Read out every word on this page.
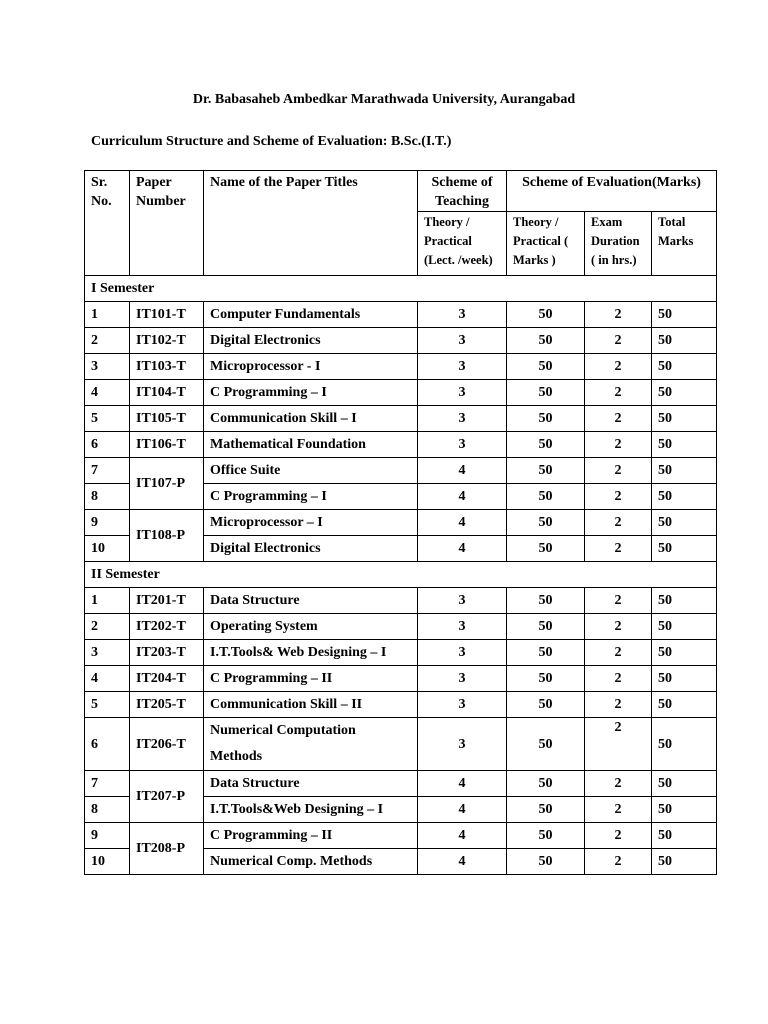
Dr. Babasaheb Ambedkar Marathwada University, Aurangabad
Curriculum Structure and Scheme of Evaluation: B.Sc.(I.T.)
Sr. No.	Paper Number	Name of the Paper Titles	Scheme of Teaching	Scheme of Evaluation(Marks)		
			Theory / Practical (Lect. /week)	Theory / Practical ( Marks )	Exam Duration ( in hrs.)	Total Marks
I Semester						
1	IT101-T	Computer Fundamentals	3	50	2	50
2	IT102-T	Digital Electronics	3	50	2	50
3	IT103-T	Microprocessor - I	3	50	2	50
4	IT104-T	C Programming – I	3	50	2	50
5	IT105-T	Communication Skill – I	3	50	2	50
6	IT106-T	Mathematical Foundation	3	50	2	50
7	IT107-P	Office Suite	4	50	2	50
8		C Programming – I	4	50	2	50
9	IT108-P	Microprocessor – I	4	50	2	50
10		Digital Electronics	4	50	2	50
II Semester						
1	IT201-T	Data Structure	3	50	2	50
2	IT202-T	Operating System	3	50	2	50
3	IT203-T	I.T.Tools& Web Designing – I	3	50	2	50
4	IT204-T	C Programming – II	3	50	2	50
5	IT205-T	Communication Skill – II	3	50	2	50
6	IT206-T	Numerical Computation Methods	3	50	2	50
7	IT207-P	Data Structure	4	50	2	50
8		I.T.Tools&Web Designing – I	4	50	2	50
9	IT208-P	C Programming – II	4	50	2	50
10		Numerical Comp. Methods	4	50	2	50
